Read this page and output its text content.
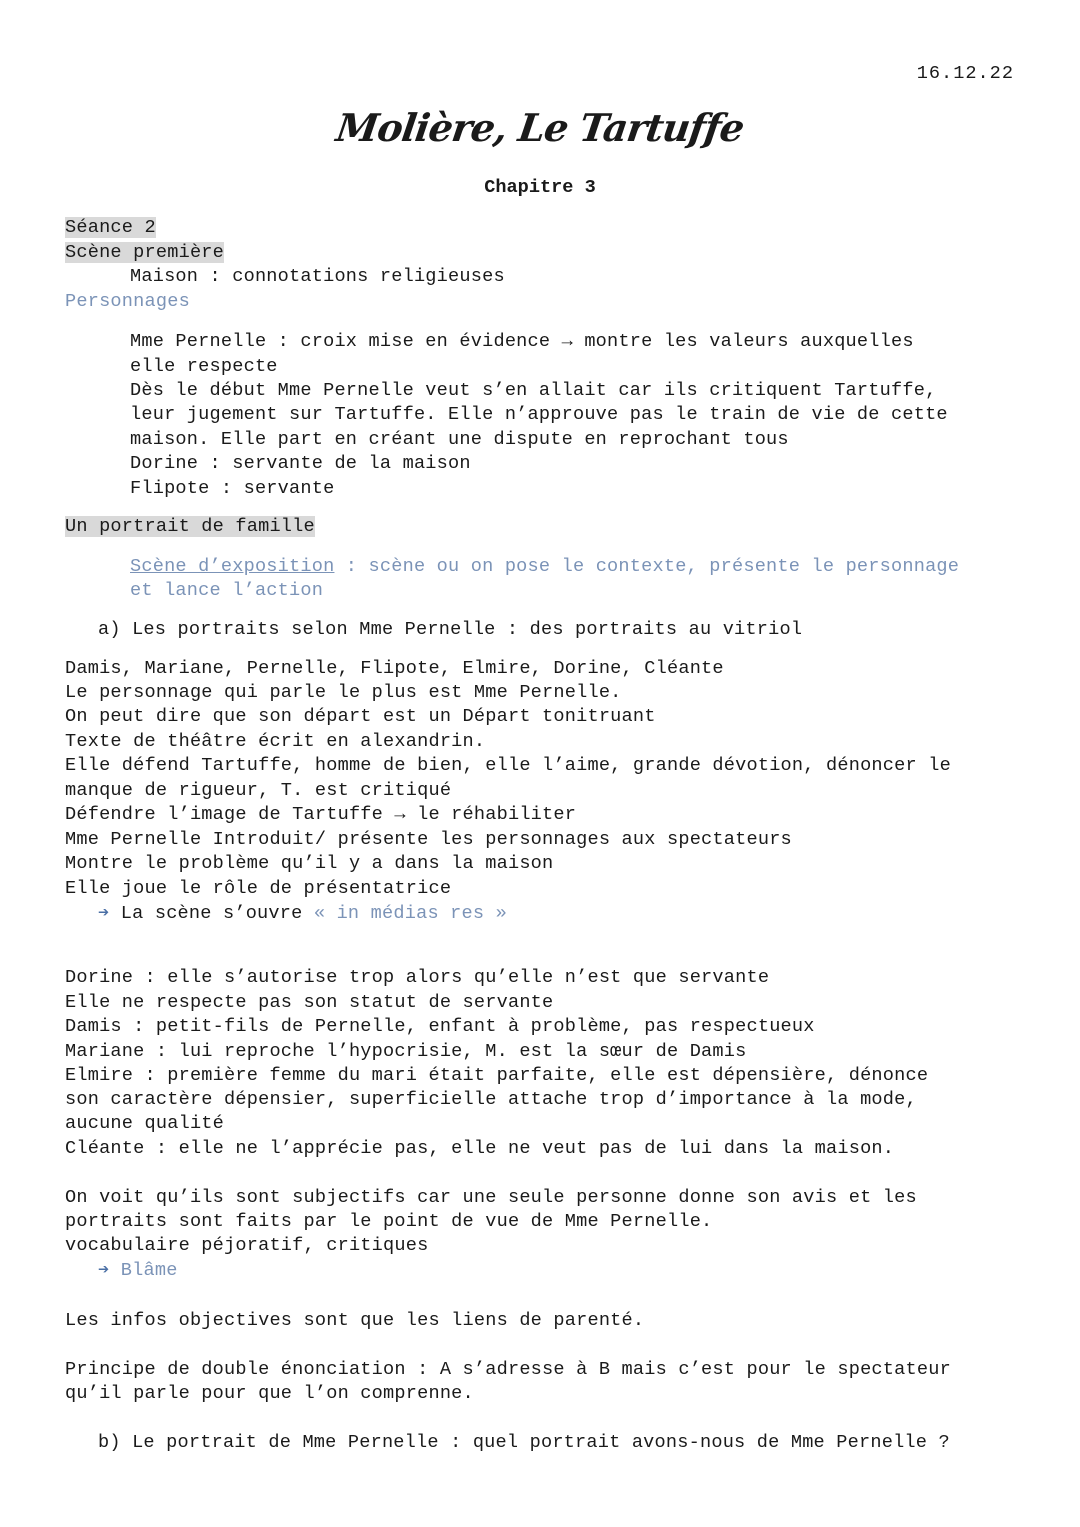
16.12.22
Molière, Le Tartuffe
Chapitre 3
Séance 2
Scène première
Maison : connotations religieuses
Personnages
Mme Pernelle : croix mise en évidence → montre les valeurs auxquelles
elle respecte
Dès le début Mme Pernelle veut s’en allait car ils critiquent Tartuffe,
leur jugement sur Tartuffe. Elle n’approuve pas le train de vie de cette
maison. Elle part en créant une dispute en reprochant tous
Dorine : servante de la maison
Flipote : servante
Un portrait de famille
Scène d’exposition : scène ou on pose le contexte, présente le personnage
et lance l’action
a) Les portraits selon Mme Pernelle : des portraits au vitriol
Damis, Mariane, Pernelle, Flipote, Elmire, Dorine, Cléante
Le personnage qui parle le plus est Mme Pernelle.
On peut dire que son départ est un Départ tonitruant
Texte de théâtre écrit en alexandrin.
Elle défend Tartuffe, homme de bien, elle l’aime, grande dévotion, dénoncer le
manque de rigueur, T. est critiqué
Défendre l’image de Tartuffe → le réhabiliter
Mme Pernelle Introduit/ présente les personnages aux spectateurs
Montre le problème qu’il y a dans la maison
Elle joue le rôle de présentatrice
➔ La scène s’ouvre « in médias res »
Dorine : elle s’autorise trop alors qu’elle n’est que servante
Elle ne respecte pas son statut de servante
Damis : petit-fils de Pernelle, enfant à problème, pas respectueux
Mariane : lui reproche l’hypocrisie, M. est la sœur de Damis
Elmire : première femme du mari était parfaite, elle est dépensière, dénonce
son caractère dépensier, superficielle attache trop d’importance à la mode,
aucune qualité
Cléante : elle ne l’apprécie pas, elle ne veut pas de lui dans la maison.
On voit qu’ils sont subjectifs car une seule personne donne son avis et les
portraits sont faits par le point de vue de Mme Pernelle.
vocabulaire péjoratif, critiques
➔ Blâme
Les infos objectives sont que les liens de parenté.
Principe de double énonciation : A s’adresse à B mais c’est pour le spectateur
qu’il parle pour que l’on comprenne.
b) Le portrait de Mme Pernelle : quel portrait avons-nous de Mme Pernelle ?
